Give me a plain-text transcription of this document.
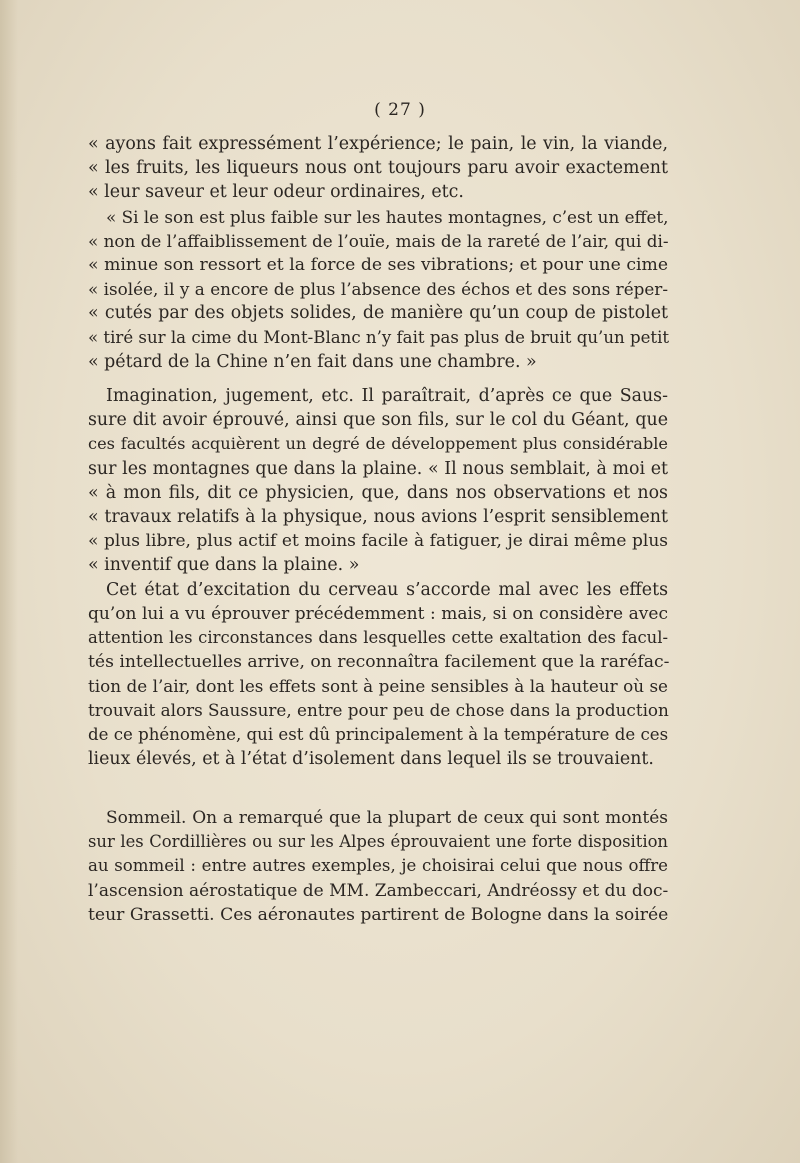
( 27 )
« ayons fait expressément l’expérience; le pain, le vin, la viande,
« les fruits, les liqueurs nous ont toujours paru avoir exactement
« leur saveur et leur odeur ordinaires, etc.
« Si le son est plus faible sur les hautes montagnes, c’est un effet,
« non de l’affaiblissement de l’ouïe, mais de la rareté de l’air, qui di-
« minue son ressort et la force de ses vibrations; et pour une cime
« isolée, il y a encore de plus l’absence des échos et des sons réper-
« cutés par des objets solides, de manière qu’un coup de pistolet
« tiré sur la cime du Mont-Blanc n’y fait pas plus de bruit qu’un petit
« pétard de la Chine n’en fait dans une chambre. »
Imagination, jugement, etc. Il paraîtrait, d’après ce que Saus-
sure dit avoir éprouvé, ainsi que son fils, sur le col du Géant, que
ces facultés acquièrent un degré de développement plus considérable
sur les montagnes que dans la plaine. « Il nous semblait, à moi et
« à mon fils, dit ce physicien, que, dans nos observations et nos
« travaux relatifs à la physique, nous avions l’esprit sensiblement
« plus libre, plus actif et moins facile à fatiguer, je dirai même plus
« inventif que dans la plaine. »
Cet état d’excitation du cerveau s’accorde mal avec les effets
qu’on lui a vu éprouver précédemment : mais, si on considère avec
attention les circonstances dans lesquelles cette exaltation des facul-
tés intellectuelles arrive, on reconnaîtra facilement que la raréfac-
tion de l’air, dont les effets sont à peine sensibles à la hauteur où se
trouvait alors Saussure, entre pour peu de chose dans la production
de ce phénomène, qui est dû principalement à la température de ces
lieux élevés, et à l’état d’isolement dans lequel ils se trouvaient.
Sommeil. On a remarqué que la plupart de ceux qui sont montés
sur les Cordillières ou sur les Alpes éprouvaient une forte disposition
au sommeil : entre autres exemples, je choisirai celui que nous offre
l’ascension aérostatique de MM. Zambeccari, Andréossy et du doc-
teur Grassetti. Ces aéronautes partirent de Bologne dans la soirée
